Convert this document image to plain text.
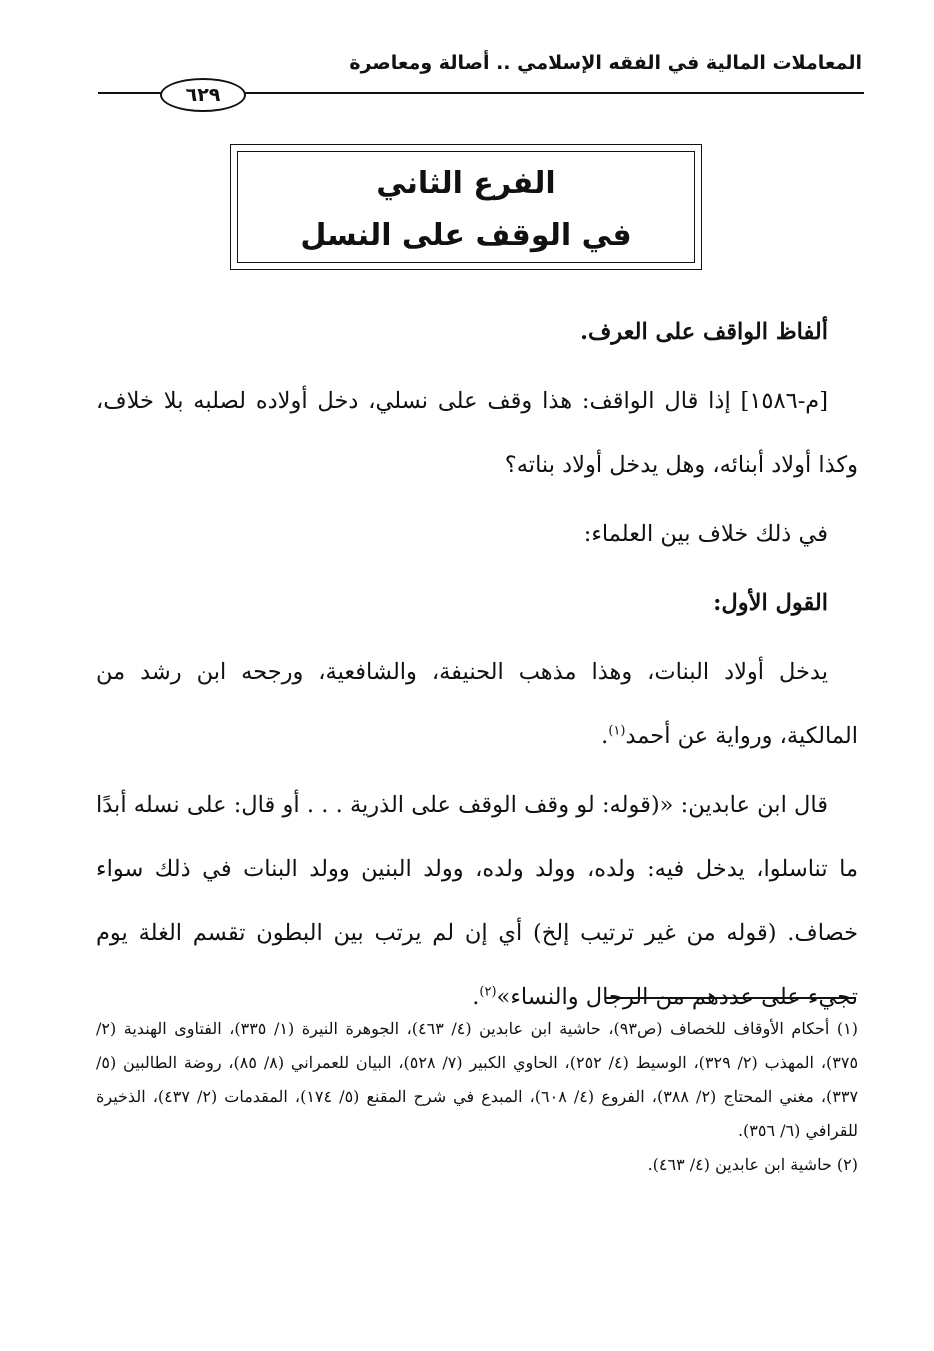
المعاملات المالية في الفقه الإسلامي .. أصالة ومعاصرة
٦٢٩
الفرع الثاني
في الوقف على النسل

ألفاظ الواقف على العرف.

[م-١٥٨٦] إذا قال الواقف: هذا وقف على نسلي، دخل أولاده لصلبه بلا خلاف، وكذا أولاد أبنائه، وهل يدخل أولاد بناته؟

في ذلك خلاف بين العلماء:

القول الأول:

يدخل أولاد البنات، وهذا مذهب الحنيفة، والشافعية، ورجحه ابن رشد من المالكية، ورواية عن أحمد$^{(١)}$.

قال ابن عابدين: «(قوله: لو وقف الوقف على الذرية . . . أو قال: على نسله أبدًا ما تناسلوا، يدخل فيه: ولده، وولد ولده، وولد البنين وولد البنات في ذلك سواء خصاف. (قوله من غير ترتيب إلخ) أي إن لم يرتب بين البطون تقسم الغلة يوم تجيء على عددهم من الرجال والنساء»$^{(٢)}$.

(١) أحكام الأوقاف للخصاف (ص٩٣)، حاشية ابن عابدين (٤/ ٤٦٣)، الجوهرة النيرة (١/ ٣٣٥)، الفتاوى الهندية (٢/ ٣٧٥)، المهذب (٢/ ٣٢٩)، الوسيط (٤/ ٢٥٢)، الحاوي الكبير (٧/ ٥٢٨)، البيان للعمراني (٨/ ٨٥)، روضة الطالبين (٥/ ٣٣٧)، مغني المحتاج (٢/ ٣٨٨)، الفروع (٤/ ٦٠٨)، المبدع في شرح المقنع (٥/ ١٧٤)، المقدمات (٢/ ٤٣٧)، الذخيرة للقرافي (٦/ ٣٥٦).

(٢) حاشية ابن عابدين (٤/ ٤٦٣).
